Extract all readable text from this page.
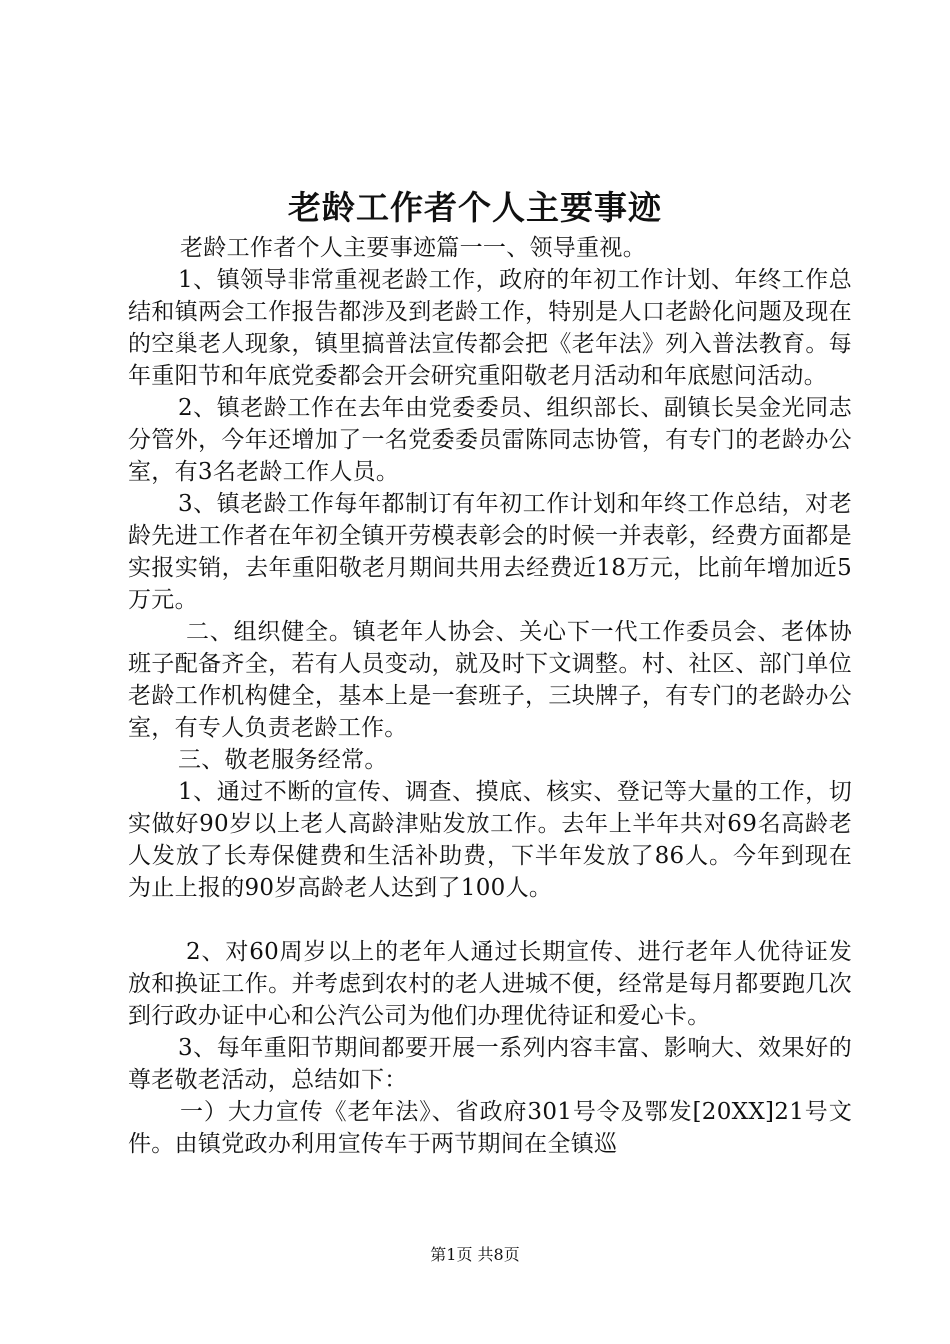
老龄工作者个人主要事迹

老龄工作者个人主要事迹篇一一、领导重视。

1、镇领导非常重视老龄工作，政府的年初工作计划、年终工作总结和镇两会工作报告都涉及到老龄工作，特别是人口老龄化问题及现在的空巢老人现象，镇里搞普法宣传都会把《老年法》列入普法教育。每年重阳节和年底党委都会开会研究重阳敬老月活动和年底慰问活动。

2、镇老龄工作在去年由党委委员、组织部长、副镇长吴金光同志分管外，今年还增加了一名党委委员雷陈同志协管，有专门的老龄办公室，有3名老龄工作人员。

3、镇老龄工作每年都制订有年初工作计划和年终工作总结，对老龄先进工作者在年初全镇开劳模表彰会的时候一并表彰，经费方面都是实报实销，去年重阳敬老月期间共用去经费近18万元，比前年增加近5万元。

二、组织健全。镇老年人协会、关心下一代工作委员会、老体协班子配备齐全，若有人员变动，就及时下文调整。村、社区、部门单位老龄工作机构健全，基本上是一套班子，三块牌子，有专门的老龄办公室，有专人负责老龄工作。

三、敬老服务经常。

1、通过不断的宣传、调查、摸底、核实、登记等大量的工作，切实做好90岁以上老人高龄津贴发放工作。去年上半年共对69名高龄老人发放了长寿保健费和生活补助费，下半年发放了86人。今年到现在为止上报的90岁高龄老人达到了100人。

2、对60周岁以上的老年人通过长期宣传、进行老年人优待证发放和换证工作。并考虑到农村的老人进城不便，经常是每月都要跑几次到行政办证中心和公汽公司为他们办理优待证和爱心卡。

3、每年重阳节期间都要开展一系列内容丰富、影响大、效果好的尊老敬老活动，总结如下：

一）大力宣传《老年法》、省政府301号令及鄂发[20XX]21号文件。由镇党政办利用宣传车于两节期间在全镇巡

第1页 共8页
